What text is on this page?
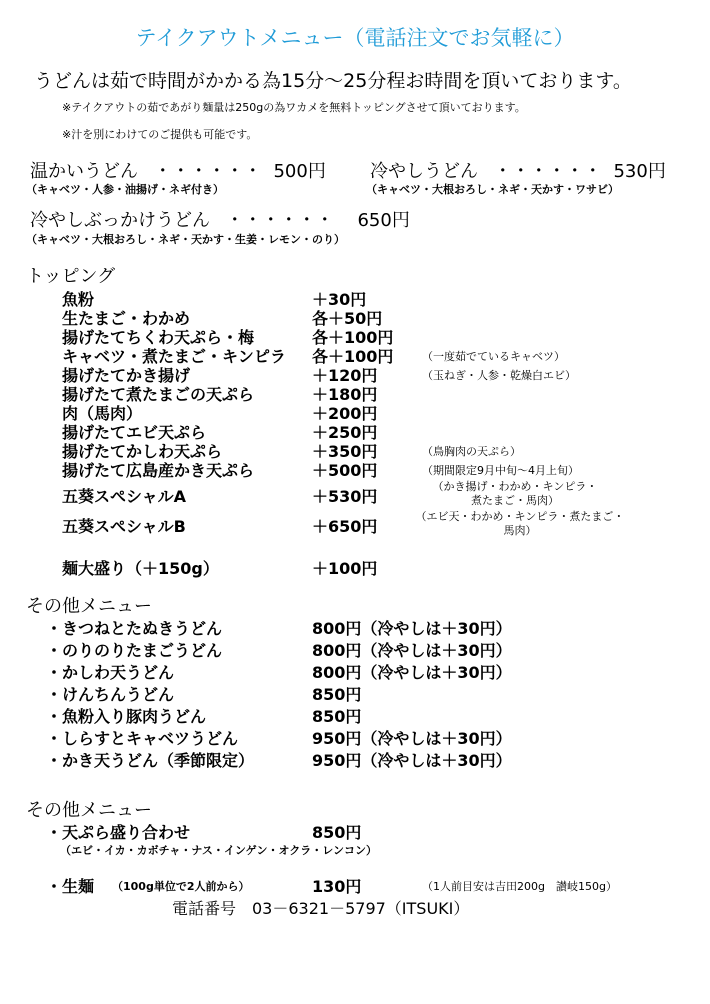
テイクアウトメニュー（電話注文でお気軽に）
うどんは茹で時間がかかる為15分～25分程お時間を頂いております。
※テイクアウトの茹であがり麺量は250gの為ワカメを無料トッピングさせて頂いております。
※汁を別にわけてのご提供も可能です。
温かいうどん ・・・・・・ 500円
（キャベツ・人参・油揚げ・ネギ付き）
冷やしうどん ・・・・・・ 530円
（キャベツ・大根おろし・ネギ・天かす・ワサビ）
冷やしぶっかけうどん ・・・・・・ 650円
（キャベツ・大根おろし・ネギ・天かす・生姜・レモン・のり）
トッピング
魚粉	＋30円
生たまご・わかめ	各＋50円
揚げたてちくわ天ぷら・梅	各＋100円
キャベツ・煮たまご・キンピラ 各＋100円	（一度茹でているキャベツ）
揚げたてかき揚げ	＋120円	（玉ねぎ・人参・乾燥白エビ）
揚げたて煮たまごの天ぷら	＋180円
肉（馬肉）	＋200円
揚げたてエビ天ぷら	＋250円
揚げたてかしわ天ぷら	＋350円	（鳥胸肉の天ぷら）
揚げたて広島産かき天ぷら	＋500円	（期間限定9月中旬～4月上旬）
五葵スペシャルA	＋530円
（かき揚げ・わかめ・キンピラ・
煮たまご・馬肉）
五葵スペシャルB	＋650円
（エビ天・わかめ・キンピラ・煮たまご・
馬肉）
麺大盛り（＋150g）	＋100円
その他メニュー
・きつねとたぬきうどん	800円（冷やしは＋30円）
・のりのりたまごうどん	800円（冷やしは＋30円）
・かしわ天うどん	800円（冷やしは＋30円）
・けんちんうどん	850円
・魚粉入り豚肉うどん	850円
・しらすとキャベツうどん	950円（冷やしは＋30円）
・かき天うどん（季節限定）	950円（冷やしは＋30円）
その他メニュー
・天ぷら盛り合わせ	850円
（エビ・イカ・カボチャ・ナス・インゲン・オクラ・レンコン）
・生麺 （100g単位で2人前から）	130円	（1人前目安は吉田200g　讃岐150g）
電話番号　03－6321－5797（ITSUKI）
